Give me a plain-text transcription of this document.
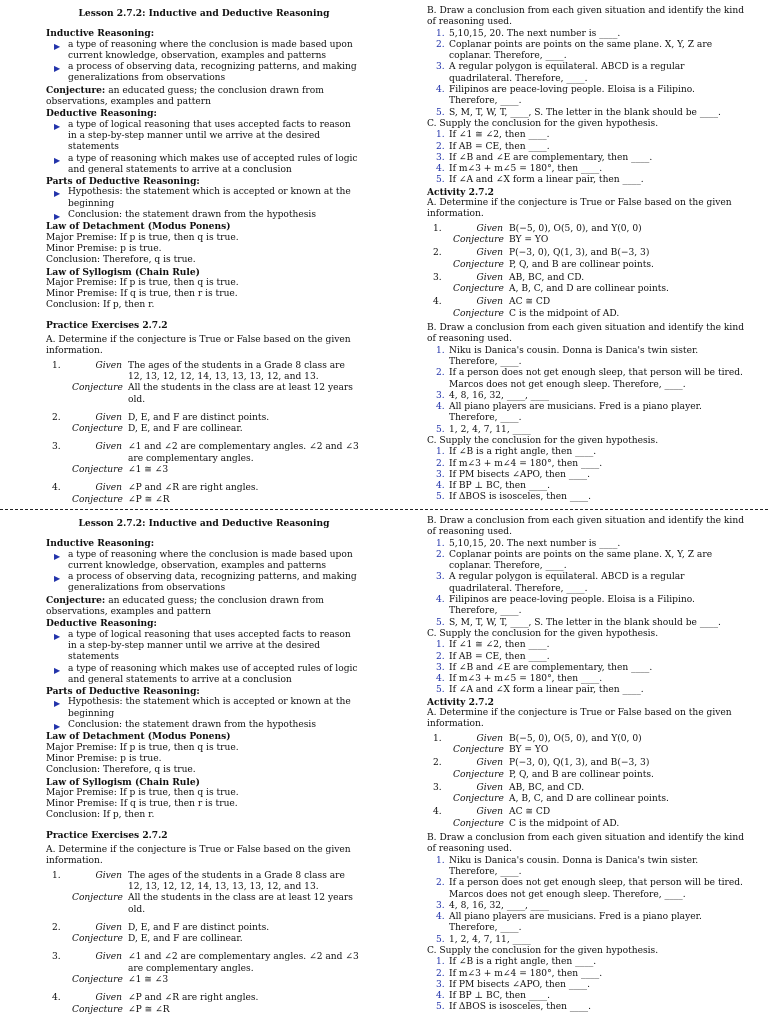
Lesson 2.7.2: Inductive and Deductive Reasoning
Inductive Reasoning:
▶ a type of reasoning where the conclusion is made based upon current knowledge, observation, examples and patterns
▶ a process of observing data, recognizing patterns, and making generalizations from observations
Conjecture: an educated guess; the conclusion drawn from observations, examples and pattern
Deductive Reasoning:
▶ a type of logical reasoning that uses accepted facts to reason in a step-by-step manner until we arrive at the desired statements
▶ a type of reasoning which makes use of accepted rules of logic and general statements to arrive at a conclusion
Parts of Deductive Reasoning:
▶ Hypothesis: the statement which is accepted or known at the beginning
▶ Conclusion: the statement drawn from the hypothesis
Law of Detachment (Modus Ponens)
Major Premise: If p is true, then q is true.
Minor Premise: p is true.
Conclusion: Therefore, q is true.
Law of Syllogism (Chain Rule)
Major Premise: If p is true, then q is true.
Minor Premise: If q is true, then r is true.
Conclusion: If p, then r.
Practice Exercises 2.7.2
A. Determine if the conjecture is True or False based on the given information.
1.	Given The ages of the students in a Grade 8 class are 12, 13, 12, 12, 14, 13, 13, 13, 12, and 13.
Conjecture All the students in the class are at least 12 years old.
2.	Given D, E, and F are distinct points.
Conjecture D, E, and F are collinear.
3.	Given ∠1 and ∠2 are complementary angles. ∠2 and ∠3 are complementary angles.
Conjecture ∠1 ≅ ∠3
4.	Given ∠P and ∠R are right angles.
Conjecture ∠P ≅ ∠R
B. Draw a conclusion from each given situation and identify the kind of reasoning used.
1. 5,10,15, 20. The next number is ____.
2. Coplanar points are points on the same plane. X, Y, Z are coplanar. Therefore, ____.
3. A regular polygon is equilateral. ABCD is a regular quadrilateral. Therefore, ____.
4. Filipinos are peace-loving people. Eloisa is a Filipino. Therefore, ____.
5. S, M, T, W, T, ____, S. The letter in the blank should be ____.
C. Supply the conclusion for the given hypothesis.
1. If ∠1 ≅ ∠2, then ____.
2. If AB = CE, then ____.
3. If ∠B and ∠E are complementary, then ____.
4. If m∠3 + m∠5 = 180°, then ____.
5. If ∠A and ∠X form a linear pair, then ____.
Activity 2.7.2
A. Determine if the conjecture is True or False based on the given information.
1.	Given B(−5, 0), O(5, 0), and Y(0, 0)
Conjecture BY = YO
2.	Given P(−3, 0), Q(1, 3), and B(−3, 3)
Conjecture P, Q, and B are collinear points.
3.	Given AB, BC, and CD.
Conjecture A, B, C, and D are collinear points.
4.	Given AC ≅ CD
Conjecture C is the midpoint of AD.
B. Draw a conclusion from each given situation and identify the kind of reasoning used.
1. Niku is Danica's cousin. Donna is Danica's twin sister. Therefore, ____.
2. If a person does not get enough sleep, that person will be tired. Marcos does not get enough sleep. Therefore, ____.
3. 4, 8, 16, 32, ____, ____
4. All piano players are musicians. Fred is a piano player. Therefore, ____.
5. 1, 2, 4, 7, 11, ____
C. Supply the conclusion for the given hypothesis.
1. If ∠B is a right angle, then ____.
2. If m∠3 + m∠4 = 180°, then ____.
3. If PM bisects ∠APO, then ____.
4. If BP ⊥ BC, then ____.
5. If ΔBOS is isosceles, then ____.
Lesson 2.7.2: Inductive and Deductive Reasoning
Inductive Reasoning:
▶ a type of reasoning where the conclusion is made based upon current knowledge, observation, examples and patterns
▶ a process of observing data, recognizing patterns, and making generalizations from observations
Conjecture: an educated guess; the conclusion drawn from observations, examples and pattern
Deductive Reasoning:
▶ a type of logical reasoning that uses accepted facts to reason in a step-by-step manner until we arrive at the desired statements
▶ a type of reasoning which makes use of accepted rules of logic and general statements to arrive at a conclusion
Parts of Deductive Reasoning:
▶ Hypothesis: the statement which is accepted or known at the beginning
▶ Conclusion: the statement drawn from the hypothesis
Law of Detachment (Modus Ponens)
Major Premise: If p is true, then q is true.
Minor Premise: p is true.
Conclusion: Therefore, q is true.
Law of Syllogism (Chain Rule)
Major Premise: If p is true, then q is true.
Minor Premise: If q is true, then r is true.
Conclusion: If p, then r.
Practice Exercises 2.7.2
A. Determine if the conjecture is True or False based on the given information.
1.	Given The ages of the students in a Grade 8 class are 12, 13, 12, 12, 14, 13, 13, 13, 12, and 13.
Conjecture All the students in the class are at least 12 years old.
2.	Given D, E, and F are distinct points.
Conjecture D, E, and F are collinear.
3.	Given ∠1 and ∠2 are complementary angles. ∠2 and ∠3 are complementary angles.
Conjecture ∠1 ≅ ∠3
4.	Given ∠P and ∠R are right angles.
Conjecture ∠P ≅ ∠R
B. Draw a conclusion from each given situation and identify the kind of reasoning used.
1. 5,10,15, 20. The next number is ____.
2. Coplanar points are points on the same plane. X, Y, Z are coplanar. Therefore, ____.
3. A regular polygon is equilateral. ABCD is a regular quadrilateral. Therefore, ____.
4. Filipinos are peace-loving people. Eloisa is a Filipino. Therefore, ____.
5. S, M, T, W, T, ____, S. The letter in the blank should be ____.
C. Supply the conclusion for the given hypothesis.
1. If ∠1 ≅ ∠2, then ____.
2. If AB = CE, then ____.
3. If ∠B and ∠E are complementary, then ____.
4. If m∠3 + m∠5 = 180°, then ____.
5. If ∠A and ∠X form a linear pair, then ____.
Activity 2.7.2
A. Determine if the conjecture is True or False based on the given information.
1.	Given B(−5, 0), O(5, 0), and Y(0, 0)
Conjecture BY = YO
2.	Given P(−3, 0), Q(1, 3), and B(−3, 3)
Conjecture P, Q, and B are collinear points.
3.	Given AB, BC, and CD.
Conjecture A, B, C, and D are collinear points.
4.	Given AC ≅ CD
Conjecture C is the midpoint of AD.
B. Draw a conclusion from each given situation and identify the kind of reasoning used.
1. Niku is Danica's cousin. Donna is Danica's twin sister. Therefore, ____.
2. If a person does not get enough sleep, that person will be tired. Marcos does not get enough sleep. Therefore, ____.
3. 4, 8, 16, 32, ____, ____
4. All piano players are musicians. Fred is a piano player. Therefore, ____.
5. 1, 2, 4, 7, 11, ____
C. Supply the conclusion for the given hypothesis.
1. If ∠B is a right angle, then ____.
2. If m∠3 + m∠4 = 180°, then ____.
3. If PM bisects ∠APO, then ____.
4. If BP ⊥ BC, then ____.
5. If ΔBOS is isosceles, then ____.
